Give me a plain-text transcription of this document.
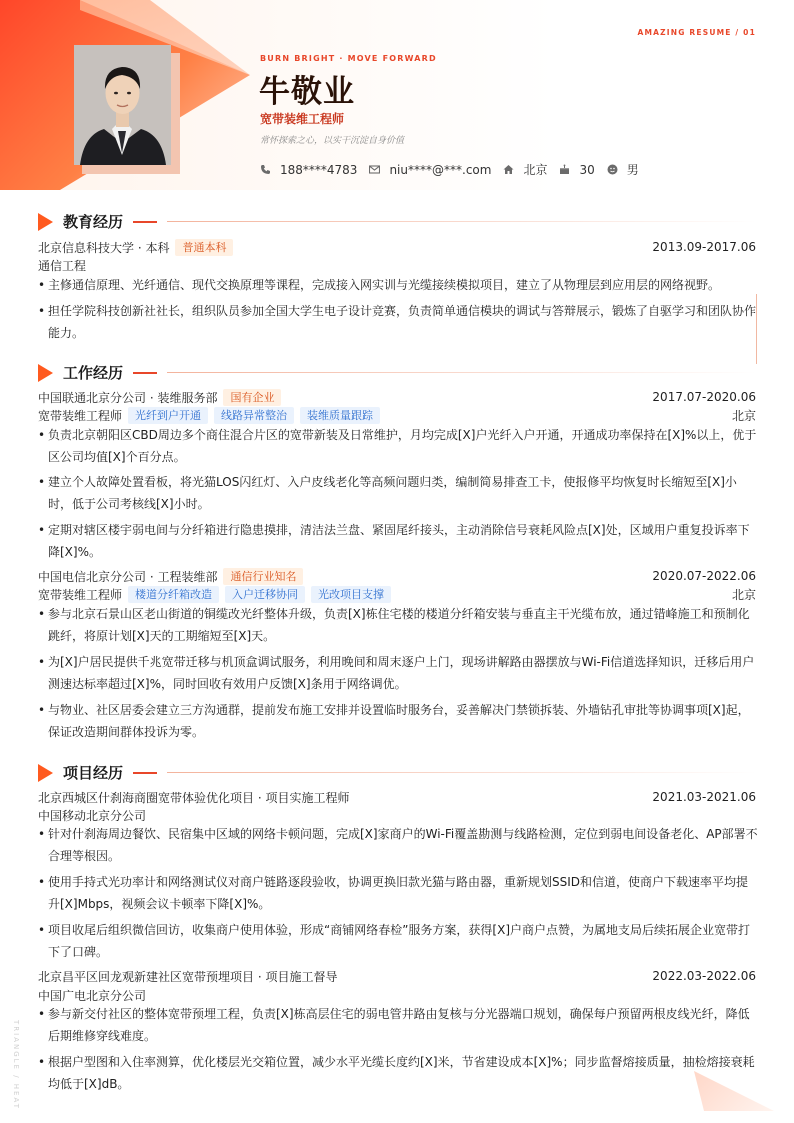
AMAZING RESUME / 01
BURN BRIGHT · MOVE FORWARD
牛敬业
宽带装维工程师
常怀探索之心，以实干沉淀自身价值
188****4783	niu****@***.com	北京	30	男
教育经历
北京信息科技大学 · 本科	普通本科	2013.09-2017.06
通信工程
• 主修通信原理、光纤通信、现代交换原理等课程，完成接入网实训与光缆接续模拟项目，建立了从物理层到应用层的网络视野。
• 担任学院科技创新社社长，组织队员参加全国大学生电子设计竞赛，负责简单通信模块的调试与答辩展示，锻炼了自驱学习和团队协作能力。
工作经历
中国联通北京分公司 · 装维服务部	国有企业	2017.07-2020.06
宽带装维工程师	光纤到户开通	线路异常整治	装维质量跟踪	北京
• 负责北京朝阳区CBD周边多个商住混合片区的宽带新装及日常维护，月均完成[X]户光纤入户开通，开通成功率保持在[X]%以上，优于区公司均值[X]个百分点。
• 建立个人故障处置看板，将光猫LOS闪红灯、入户皮线老化等高频问题归类，编制简易排查工卡，使报修平均恢复时长缩短至[X]小时，低于公司考核线[X]小时。
• 定期对辖区楼宇弱电间与分纤箱进行隐患摸排，清洁法兰盘、紧固尾纤接头，主动消除信号衰耗风险点[X]处，区域用户重复投诉率下降[X]%。
中国电信北京分公司 · 工程装维部	通信行业知名	2020.07-2022.06
宽带装维工程师	楼道分纤箱改造	入户迁移协同	光改项目支撑	北京
• 参与北京石景山区老山街道的铜缆改光纤整体升级，负责[X]栋住宅楼的楼道分纤箱安装与垂直主干光缆布放，通过错峰施工和预制化跳纤，将原计划[X]天的工期缩短至[X]天。
• 为[X]户居民提供千兆宽带迁移与机顶盒调试服务，利用晚间和周末逐户上门，现场讲解路由器摆放与Wi-Fi信道选择知识，迁移后用户测速达标率超过[X]%，同时回收有效用户反馈[X]条用于网络调优。
• 与物业、社区居委会建立三方沟通群，提前发布施工安排并设置临时服务台，妥善解决门禁锁拆装、外墙钻孔审批等协调事项[X]起，保证改造期间群体投诉为零。
项目经历
北京西城区什刹海商圈宽带体验优化项目 · 项目实施工程师	2021.03-2021.06
中国移动北京分公司
• 针对什刹海周边餐饮、民宿集中区域的网络卡顿问题，完成[X]家商户的Wi-Fi覆盖勘测与线路检测，定位到弱电间设备老化、AP部署不合理等根因。
• 使用手持式光功率计和网络测试仪对商户链路逐段验收，协调更换旧款光猫与路由器，重新规划SSID和信道，使商户下载速率平均提升[X]Mbps，视频会议卡顿率下降[X]%。
• 项目收尾后组织微信回访，收集商户使用体验，形成“商铺网络春检”服务方案，获得[X]户商户点赞，为属地支局后续拓展企业宽带打下了口碑。
北京昌平区回龙观新建社区宽带预埋项目 · 项目施工督导	2022.03-2022.06
中国广电北京分公司
• 参与新交付社区的整体宽带预埋工程，负责[X]栋高层住宅的弱电管井路由复核与分光器端口规划，确保每户预留两根皮线光纤，降低后期维修穿线难度。
• 根据户型图和入住率测算，优化楼层光交箱位置，减少水平光缆长度约[X]米，节省建设成本[X]%；同步监督熔接质量，抽检熔接衰耗均低于[X]dB。
TRIANGLE / HEAT
